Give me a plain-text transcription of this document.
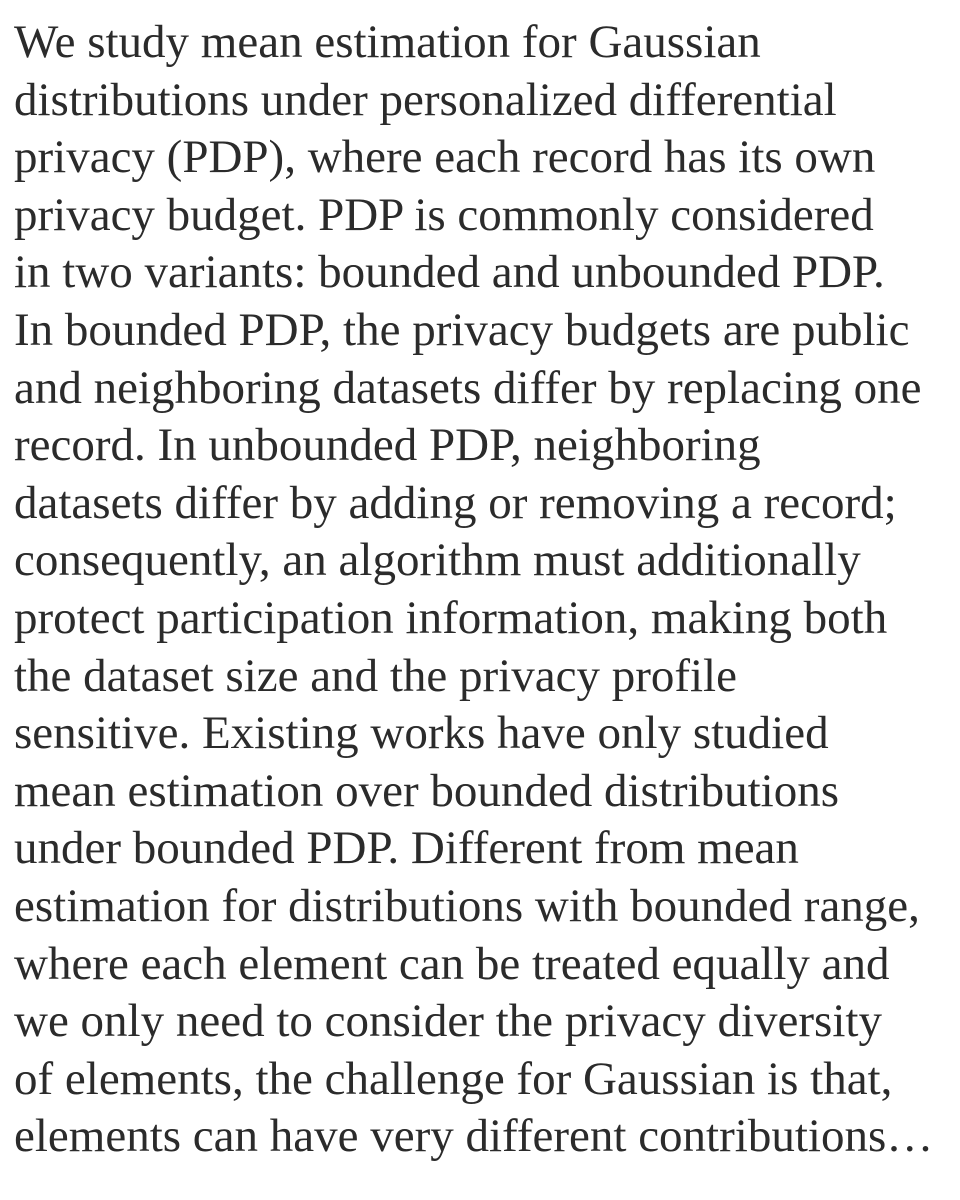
We study mean estimation for Gaussian
distributions under personalized differential
privacy (PDP), where each record has its own
privacy budget. PDP is commonly considered
in two variants: bounded and unbounded PDP.
In bounded PDP, the privacy budgets are public
and neighboring datasets differ by replacing one
record. In unbounded PDP, neighboring
datasets differ by adding or removing a record;
consequently, an algorithm must additionally
protect participation information, making both
the dataset size and the privacy profile
sensitive. Existing works have only studied
mean estimation over bounded distributions
under bounded PDP. Different from mean
estimation for distributions with bounded range,
where each element can be treated equally and
we only need to consider the privacy diversity
of elements, the challenge for Gaussian is that,
elements can have very different contributions…
